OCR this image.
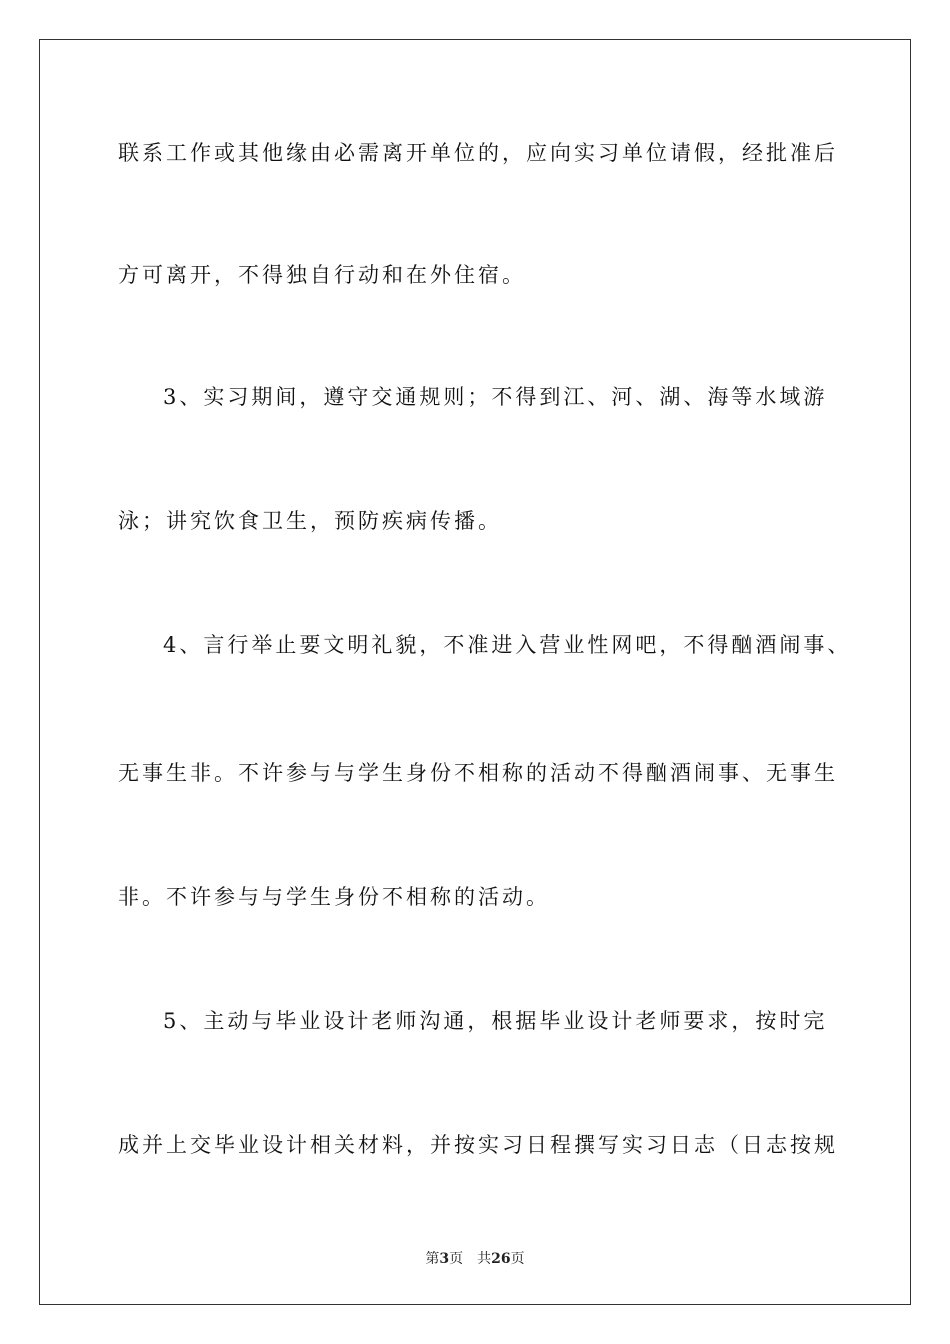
联系工作或其他缘由必需离开单位的，应向实习单位请假，经批准后
方可离开，不得独自行动和在外住宿。
3、实习期间，遵守交通规则；不得到江、河、湖、海等水域游
泳；讲究饮食卫生，预防疾病传播。
4、言行举止要文明礼貌，不准进入营业性网吧，不得酗酒闹事、
无事生非。不许参与与学生身份不相称的活动不得酗酒闹事、无事生
非。不许参与与学生身份不相称的活动。
5、主动与毕业设计老师沟通，根据毕业设计老师要求，按时完
成并上交毕业设计相关材料，并按实习日程撰写实习日志（日志按规
第3页 共26页
